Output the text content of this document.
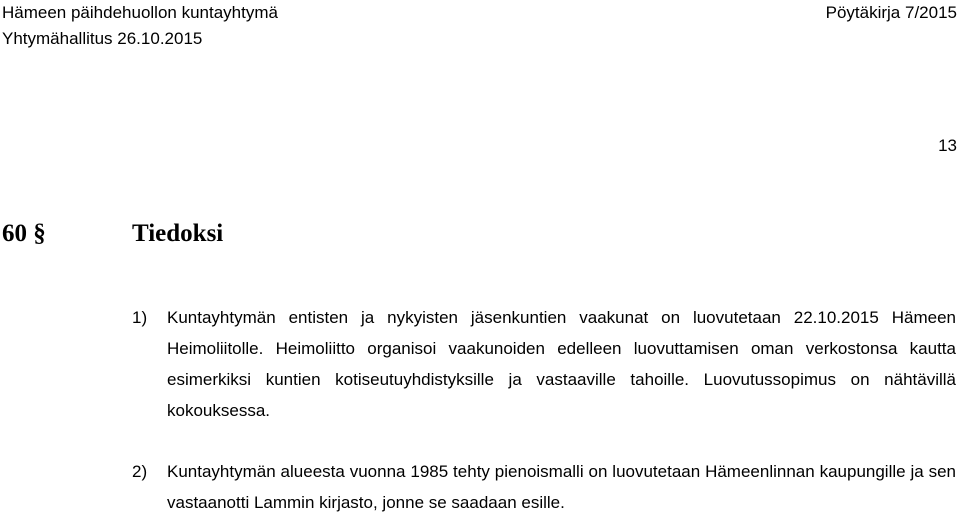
Hämeen päihdehuollon kuntayhtymä
Yhtymähallitus 26.10.2015
Pöytäkirja 7/2015
13
60 §	Tiedoksi
1) Kuntayhtymän entisten ja nykyisten jäsenkuntien vaakunat on luovutetaan 22.10.2015 Hämeen Heimoliitolle. Heimoliitto organisoi vaakunoiden edelleen luovuttamisen oman verkostonsa kautta esimerkiksi kuntien kotiseutuyhdistyksille ja vastaaville tahoille. Luovutussopimus on nähtävillä kokouksessa.
2) Kuntayhtymän alueesta vuonna 1985 tehty pienoismalli on luovutetaan Hämeenlinnan kaupungille ja sen vastaanotti Lammin kirjasto, jonne se saadaan esille.
